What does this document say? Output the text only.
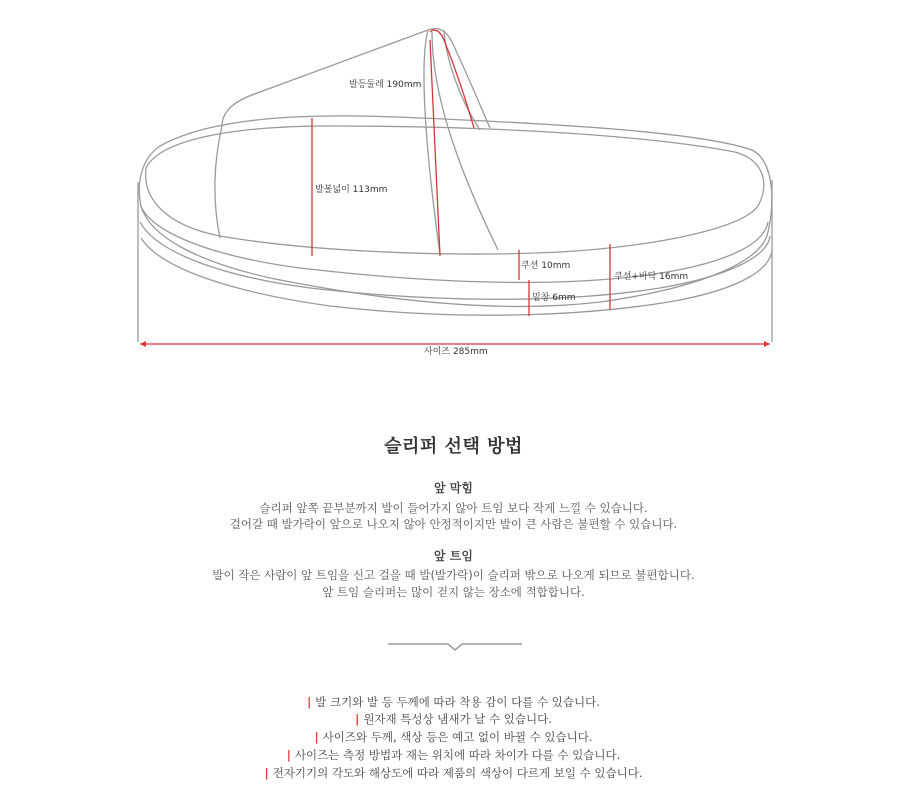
발등둘레 190mm
발볼넓이 113mm
쿠션 10mm
쿠션+바닥 16mm
밑창 6mm
사이즈 285mm
슬리퍼 선택 방법
앞 막힘
슬리퍼 앞쪽 끝부분까지 발이 들어가지 않아 트임 보다 작게 느낄 수 있습니다.
걸어갈 때 발가락이 앞으로 나오지 않아 안정적이지만 발이 큰 사람은 불편할 수 있습니다.
앞 트임
발이 작은 사람이 앞 트임을 신고 걸을 때 발(발가락)이 슬리퍼 밖으로 나오게 되므로 불편합니다.
앞 트임 슬리퍼는 많이 걷지 않는 장소에 적합합니다.
| 발 크기와 발 등 두께에 따라 착용 감이 다를 수 있습니다.
| 원자재 특성상 냄새가 날 수 있습니다.
| 사이즈와 두께, 색상 등은 예고 없이 바뀔 수 있습니다.
| 사이즈는 측정 방법과 재는 위치에 따라 차이가 다를 수 있습니다.
| 전자기기의 각도와 해상도에 따라 제품의 색상이 다르게 보일 수 있습니다.
